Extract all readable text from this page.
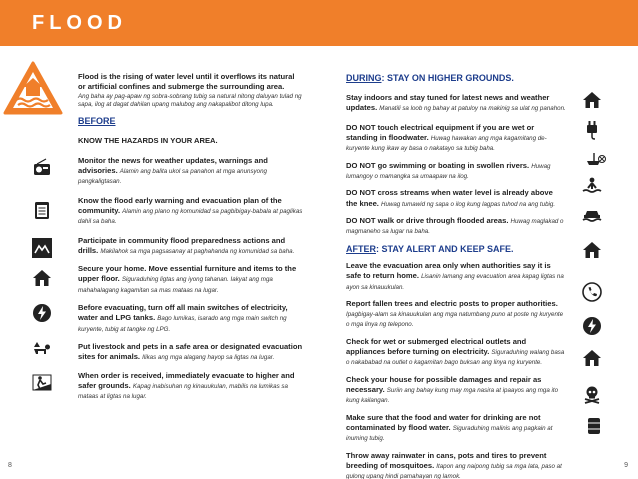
FLOOD
Flood is the rising of water level until it overflows its natural or artificial confines and submerge the surrounding area.
Ang baha ay pag-apaw ng sobra-sobrang tubig sa natural nitong daluyan tulad ng sapa, ilog at dagat dahilan upang malubog ang nakapalibot ditong lupa.
BEFORE
KNOW THE HAZARDS IN YOUR AREA.
Monitor the news for weather updates, warnings and advisories. Alamin ang balita ukol sa panahon at mga anunsyong pangkaligtasan.
Know the flood early warning and evacuation plan of the community. Alamin ang plano ng komunidad sa pagbibigay-babala at paglikas dahil sa baha.
Participate in community flood preparedness actions and drills. Makilahok sa mga pagsasanay at paghahanda ng komunidad sa baha.
Secure your home. Move essential furniture and items to the upper floor. Siguraduhing ligtas ang iyong tahanan. Iakyat ang mga mahahalagang kagamitan sa mas mataas na lugar.
Before evacuating, turn off all main switches of electricity, water and LPG tanks. Bago lumikas, isarado ang mga main switch ng kuryente, tubig at tangke ng LPG.
Put livestock and pets in a safe area or designated evacuation sites for animals. Ilikas ang mga alagang hayop sa ligtas na lugar.
When order is received, immediately evacuate to higher and safer grounds. Kapag inabisuhan ng kinauukulan, mabilis na lumikas sa mataas at ligtas na lugar.
DURING: STAY ON HIGHER GROUNDS.
Stay indoors and stay tuned for latest news and weather updates. Manatili sa loob ng bahay at patuloy na makinig sa ulat ng panahon.
DO NOT touch electrical equipment if you are wet or standing in floodwater. Huwag hawakan ang mga kagamitang de-kuryente kung ikaw ay basa o nakatayo sa tubig baha.
DO NOT go swimming or boating in swollen rivers. Huwag lumangoy o mamangka sa umaapaw na ilog.
DO NOT cross streams when water level is already above the knee. Huwag tumawid ng sapa o ilog kung lagpas tuhod na ang tubig.
DO NOT walk or drive through flooded areas. Huwag maglakad o magmaneho sa lugar na baha.
AFTER: STAY ALERT AND KEEP SAFE.
Leave the evacuation area only when authorities say it is safe to return home. Lisanin lamang ang evacuation area kapag ligtas na ayon sa kinauukulan.
Report fallen trees and electric posts to proper authorities. Ipagbigay-alam sa kinauukulan ang mga natumbang puno at poste ng kuryente o mga linya ng telepono.
Check for wet or submerged electrical outlets and appliances before turning on electricity. Siguraduhing walang basa o nakababad na outlet o kagamitan bago buksan ang linya ng kuryente.
Check your house for possible damages and repair as necessary. Suriin ang bahay kung may mga nasira at ipaayos ang mga ito kung kailangan.
Make sure that the food and water for drinking are not contaminated by flood water. Siguraduhing malinis ang pagkain at inuming tubig.
Throw away rainwater in cans, pots and tires to prevent breeding of mosquitoes. Itapon ang naipong tubig sa mga lata, paso at gulong upang hindi pamahayan ng lamok.
8	9
